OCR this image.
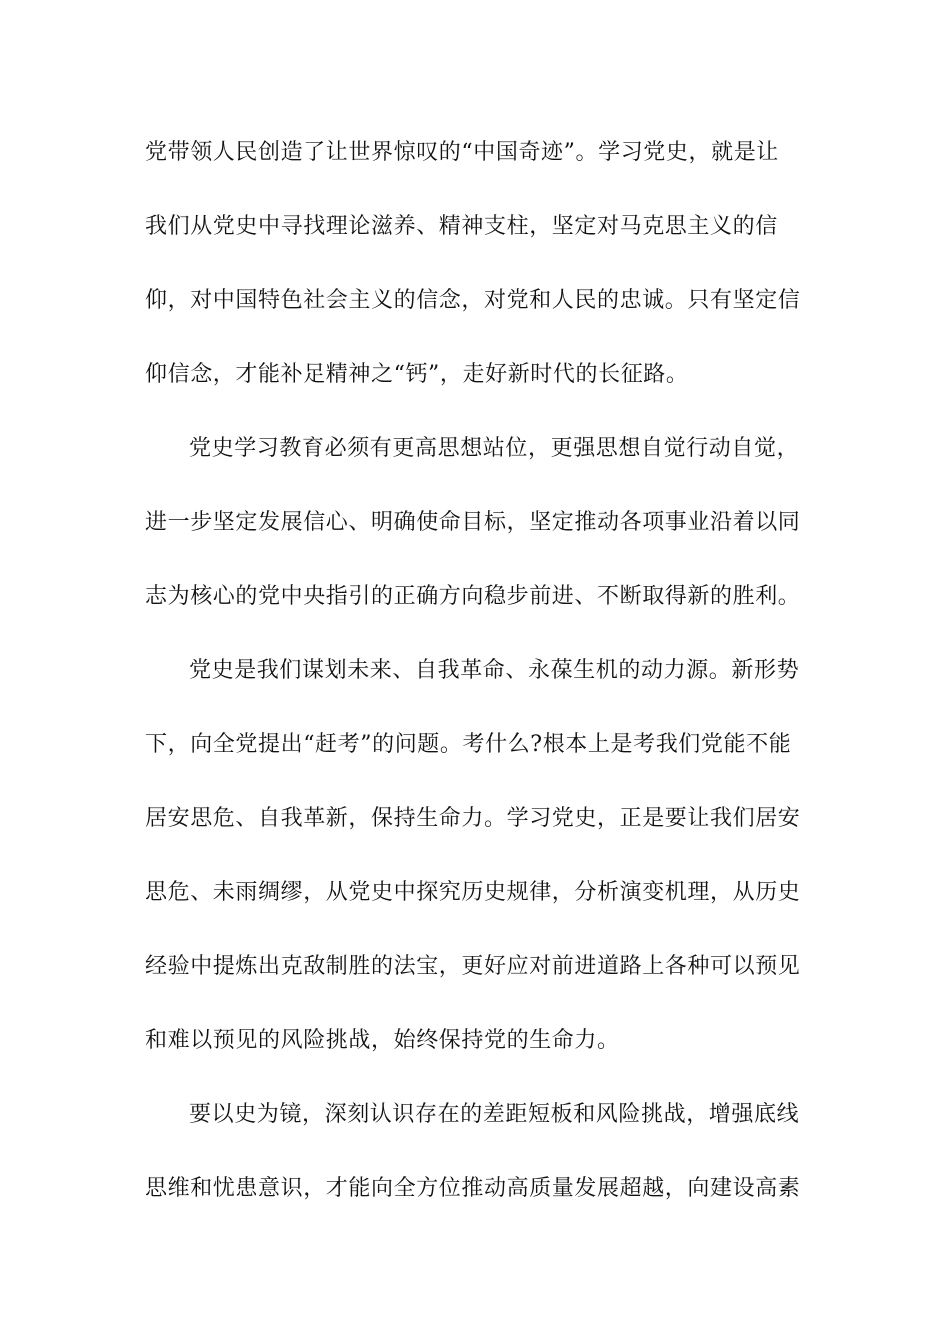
党带领人民创造了让世界惊叹的“中国奇迹”。学习党史，就是让
我们从党史中寻找理论滋养、精神支柱，坚定对马克思主义的信
仰，对中国特色社会主义的信念，对党和人民的忠诚。只有坚定信
仰信念，才能补足精神之“钙”，走好新时代的长征路。
党史学习教育必须有更高思想站位，更强思想自觉行动自觉，
进一步坚定发展信心、明确使命目标，坚定推动各项事业沿着以同
志为核心的党中央指引的正确方向稳步前进、不断取得新的胜利。
党史是我们谋划未来、自我革命、永葆生机的动力源。新形势
下，向全党提出“赶考”的问题。考什么?根本上是考我们党能不能
居安思危、自我革新，保持生命力。学习党史，正是要让我们居安
思危、未雨绸缪，从党史中探究历史规律，分析演变机理，从历史
经验中提炼出克敌制胜的法宝，更好应对前进道路上各种可以预见
和难以预见的风险挑战，始终保持党的生命力。
要以史为镜，深刻认识存在的差距短板和风险挑战，增强底线
思维和忧患意识，才能向全方位推动高质量发展超越，向建设高素
